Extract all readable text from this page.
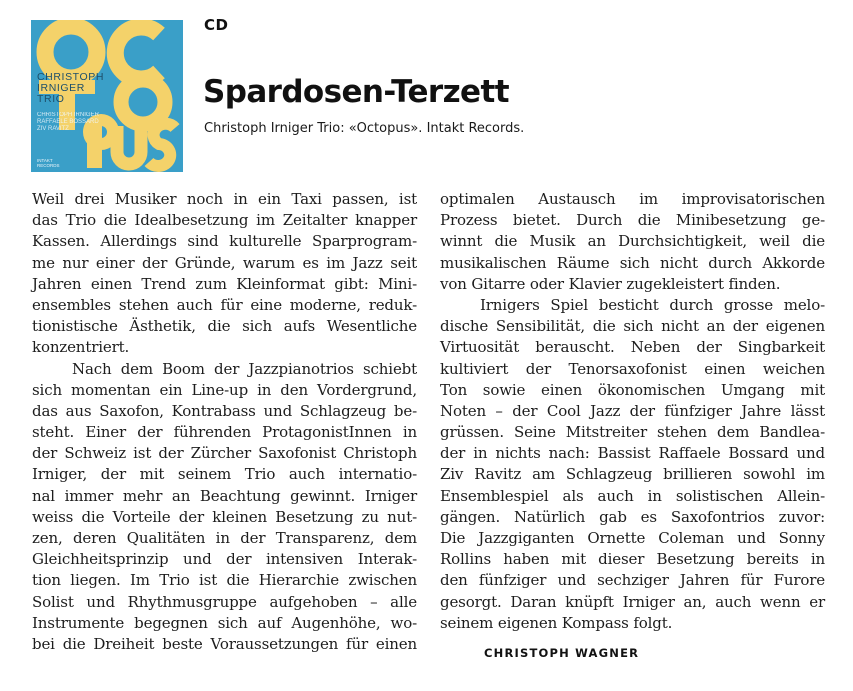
CHRISTOPH
IRNIGER
TRIO
CHRISTOPH IRNIGER
RAFFAELE BOSSARD
ZIV RAVITZ
INTAKT
RECORDS
CD
Spardosen-Terzett
Christoph Irniger Trio: «Octopus». Intakt Records.
Weil drei Musiker noch in ein Taxi passen, ist
das Trio die Idealbesetzung im Zeitalter knapper
Kassen. Allerdings sind kulturelle Sparprogram-
me nur einer der Gründe, warum es im Jazz seit
Jahren einen Trend zum Kleinformat gibt: Mini-
ensembles stehen auch für eine moderne, reduk-
tionistische Ästhetik, die sich aufs Wesentliche
konzentriert.
Nach dem Boom der Jazzpianotrios schiebt
sich momentan ein Line-up in den Vordergrund,
das aus Saxofon, Kontrabass und Schlagzeug be-
steht. Einer der führenden ProtagonistInnen in
der Schweiz ist der Zürcher Saxofonist Christoph
Irniger, der mit seinem Trio auch internatio-
nal immer mehr an Beachtung gewinnt. Irniger
weiss die Vorteile der kleinen Besetzung zu nut-
zen, deren Qualitäten in der Transparenz, dem
Gleichheitsprinzip und der intensiven Interak-
tion liegen. Im Trio ist die Hierarchie zwischen
Solist und Rhythmusgruppe aufgehoben – alle
Instrumente begegnen sich auf Augenhöhe, wo-
bei die Dreiheit beste Voraussetzungen für einen
optimalen Austausch im improvisatorischen
Prozess bietet. Durch die Minibesetzung ge-
winnt die Musik an Durchsichtigkeit, weil die
musikalischen Räume sich nicht durch Akkorde
von Gitarre oder Klavier zugekleistert finden.
Irnigers Spiel besticht durch grosse melo-
dische Sensibilität, die sich nicht an der eigenen
Virtuosität berauscht. Neben der Singbarkeit
kultiviert der Tenorsaxofonist einen weichen
Ton sowie einen ökonomischen Umgang mit
Noten – der Cool Jazz der fünfziger Jahre lässt
grüssen. Seine Mitstreiter stehen dem Bandlea-
der in nichts nach: Bassist Raffaele Bossard und
Ziv Ravitz am Schlagzeug brillieren sowohl im
Ensemblespiel als auch in solistischen Allein-
gängen. Natürlich gab es Saxofontrios zuvor:
Die Jazzgiganten Ornette Coleman und Sonny
Rollins haben mit dieser Besetzung bereits in
den fünfziger und sechziger Jahren für Furore
gesorgt. Daran knüpft Irniger an, auch wenn er
seinem eigenen Kompass folgt.
CHRISTOPH WAGNER
